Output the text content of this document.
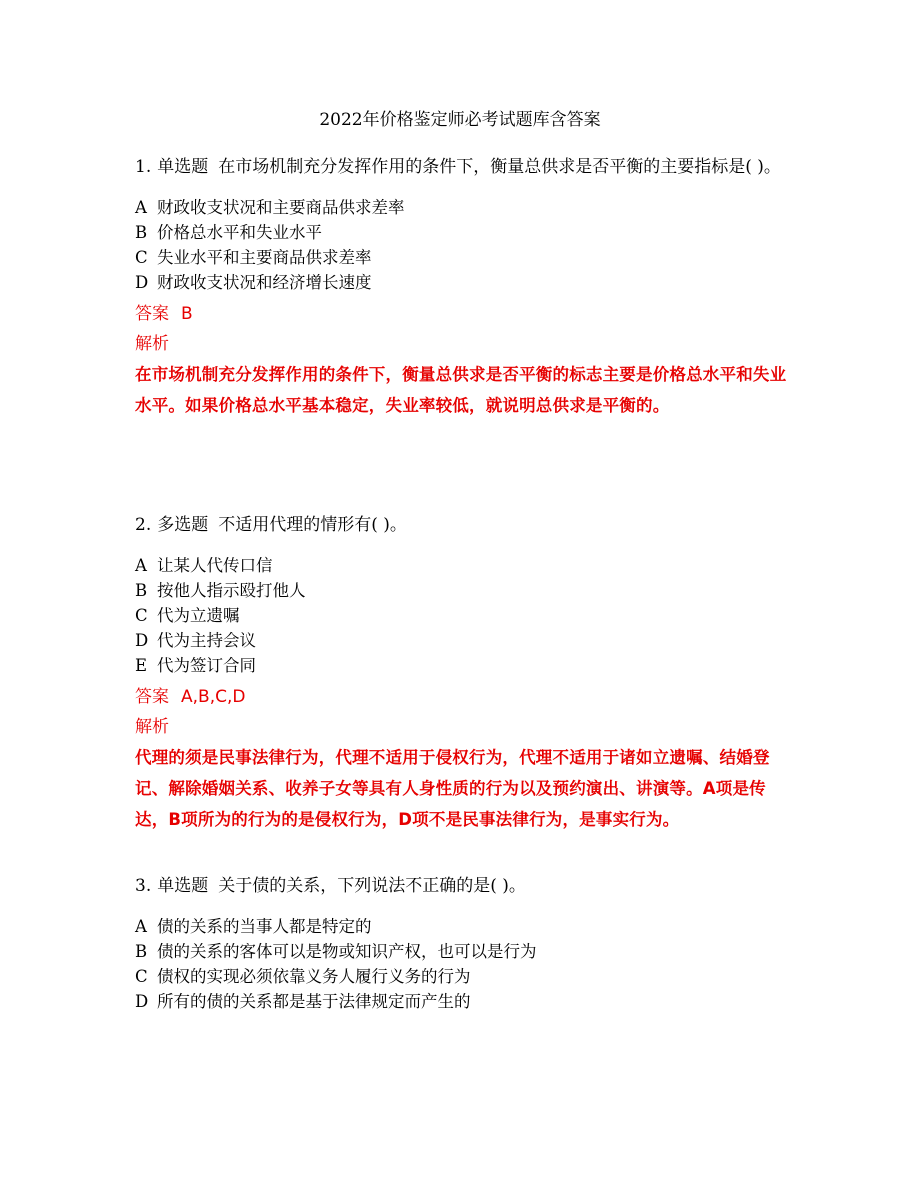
2022年价格鉴定师必考试题库含答案
1. 单选题 在市场机制充分发挥作用的条件下，衡量总供求是否平衡的主要指标是( )。
A 财政收支状况和主要商品供求差率
B 价格总水平和失业水平
C 失业水平和主要商品供求差率
D 财政收支状况和经济增长速度
答案 B
解析
在市场机制充分发挥作用的条件下，衡量总供求是否平衡的标志主要是价格总水平和失业水平。如果价格总水平基本稳定，失业率较低，就说明总供求是平衡的。
2. 多选题 不适用代理的情形有( )。
A 让某人代传口信
B 按他人指示殴打他人
C 代为立遗嘱
D 代为主持会议
E 代为签订合同
答案 A,B,C,D
解析
代理的须是民事法律行为，代理不适用于侵权行为，代理不适用于诸如立遗嘱、结婚登记、解除婚姻关系、收养子女等具有人身性质的行为以及预约演出、讲演等。A项是传达，B项所为的行为的是侵权行为，D项不是民事法律行为，是事实行为。
3. 单选题 关于债的关系，下列说法不正确的是( )。
A 债的关系的当事人都是特定的
B 债的关系的客体可以是物或知识产权，也可以是行为
C 债权的实现必须依靠义务人履行义务的行为
D 所有的债的关系都是基于法律规定而产生的
